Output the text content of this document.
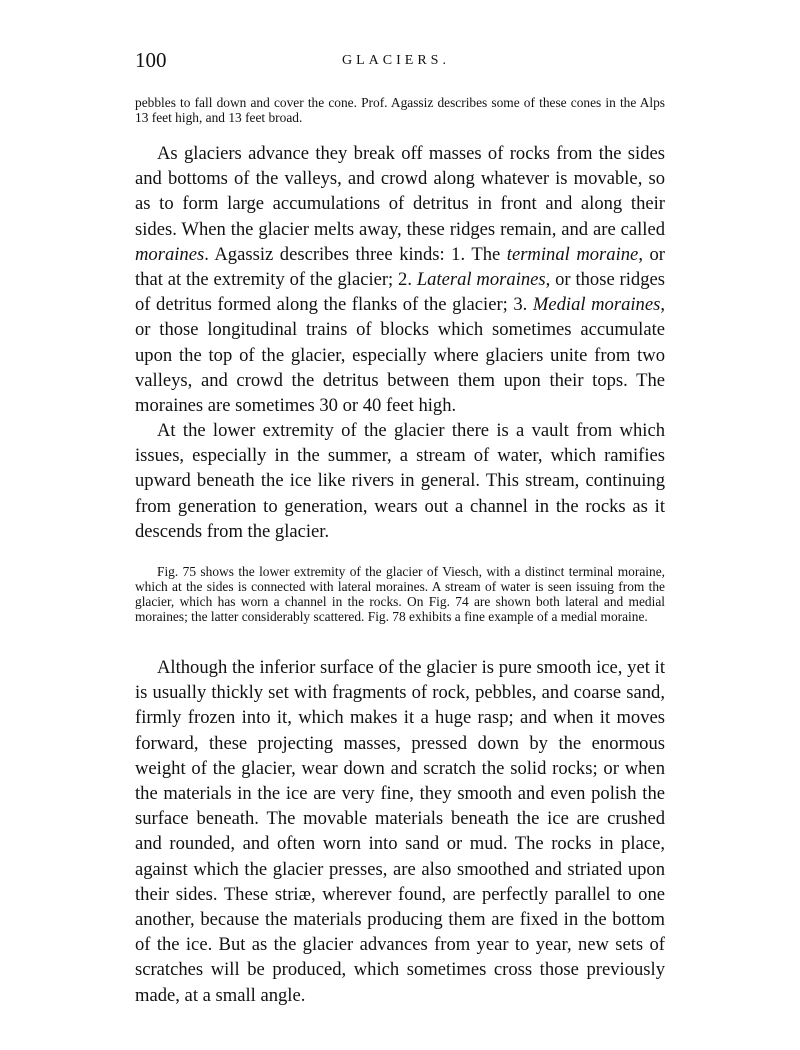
100	GLACIERS.

pebbles to fall down and cover the cone. Prof. Agassiz describes some of these cones in the Alps 13 feet high, and 13 feet broad.

As glaciers advance they break off masses of rocks from the sides and bottoms of the valleys, and crowd along whatever is movable, so as to form large accumulations of detritus in front and along their sides. When the glacier melts away, these ridges remain, and are called moraines. Agassiz describes three kinds: 1. The terminal moraine, or that at the extremity of the glacier; 2. Lateral moraines, or those ridges of detritus formed along the flanks of the glacier; 3. Medial moraines, or those longitudinal trains of blocks which sometimes accumulate upon the top of the glacier, especially where glaciers unite from two valleys, and crowd the detritus between them upon their tops. The moraines are sometimes 30 or 40 feet high.

At the lower extremity of the glacier there is a vault from which issues, especially in the summer, a stream of water, which ramifies upward beneath the ice like rivers in general. This stream, continuing from generation to generation, wears out a channel in the rocks as it descends from the glacier.

Fig. 75 shows the lower extremity of the glacier of Viesch, with a distinct terminal moraine, which at the sides is connected with lateral moraines. A stream of water is seen issuing from the glacier, which has worn a channel in the rocks. On Fig. 74 are shown both lateral and medial moraines; the latter considerably scattered. Fig. 78 exhibits a fine example of a medial moraine.

Although the inferior surface of the glacier is pure smooth ice, yet it is usually thickly set with fragments of rock, pebbles, and coarse sand, firmly frozen into it, which makes it a huge rasp; and when it moves forward, these projecting masses, pressed down by the enormous weight of the glacier, wear down and scratch the solid rocks; or when the materials in the ice are very fine, they smooth and even polish the surface beneath. The movable materials beneath the ice are crushed and rounded, and often worn into sand or mud. The rocks in place, against which the glacier presses, are also smoothed and striated upon their sides. These striæ, wherever found, are perfectly parallel to one another, because the materials producing them are fixed in the bottom of the ice. But as the glacier advances from year to year, new sets of scratches will be produced, which sometimes cross those previously made, at a small angle.
